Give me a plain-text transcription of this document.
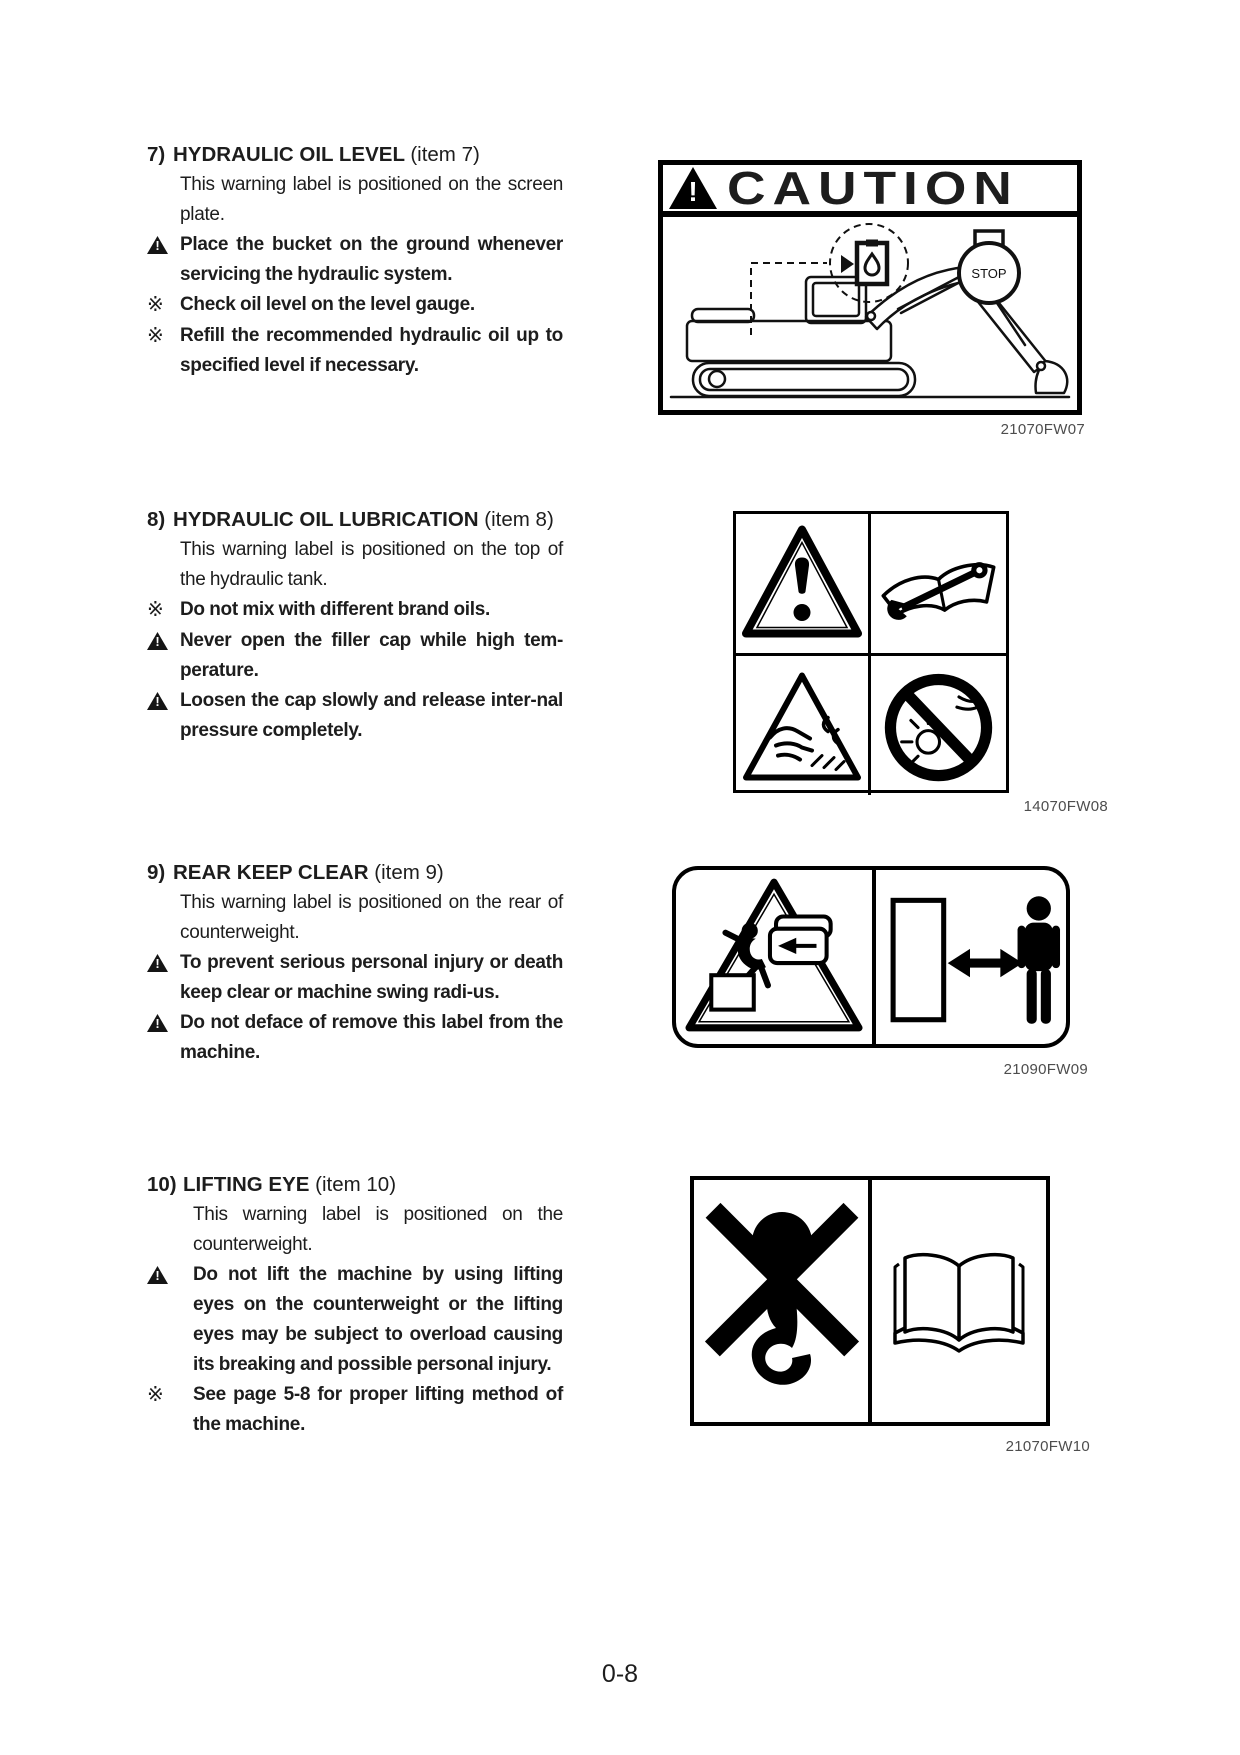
7) HYDRAULIC OIL LEVEL (item 7)

This warning label is positioned on the screen plate.

!

Place the bucket on the ground whenever servicing the hydraulic system.

※ Check oil level on the level gauge.

※ Refill the recommended hydraulic oil up to specified level if necessary.

!
CAUTION
STOP
21070FW07
8) HYDRAULIC OIL LUBRICATION (item 8)

This warning label is positioned on the top of the hydraulic tank.

※ Do not mix with different brand oils.

!

Never open the filler cap while high tem-perature.

!

Loosen the cap slowly and release inter-nal pressure completely.

14070FW08
9) REAR KEEP CLEAR (item 9)

This warning label is positioned on the rear of counterweight.

!

To prevent serious personal injury or death keep clear or machine swing radi-us.

!

Do not deface of remove this label from the machine.

21090FW09
10) LIFTING EYE (item 10)

This warning label is positioned on the counterweight.

!

Do not lift the machine by using lifting eyes on the counterweight or the lifting eyes may be subject to overload causing its breaking and possible personal injury.

※	See page 5-8 for proper lifting method of the machine.

21070FW10
0-8
